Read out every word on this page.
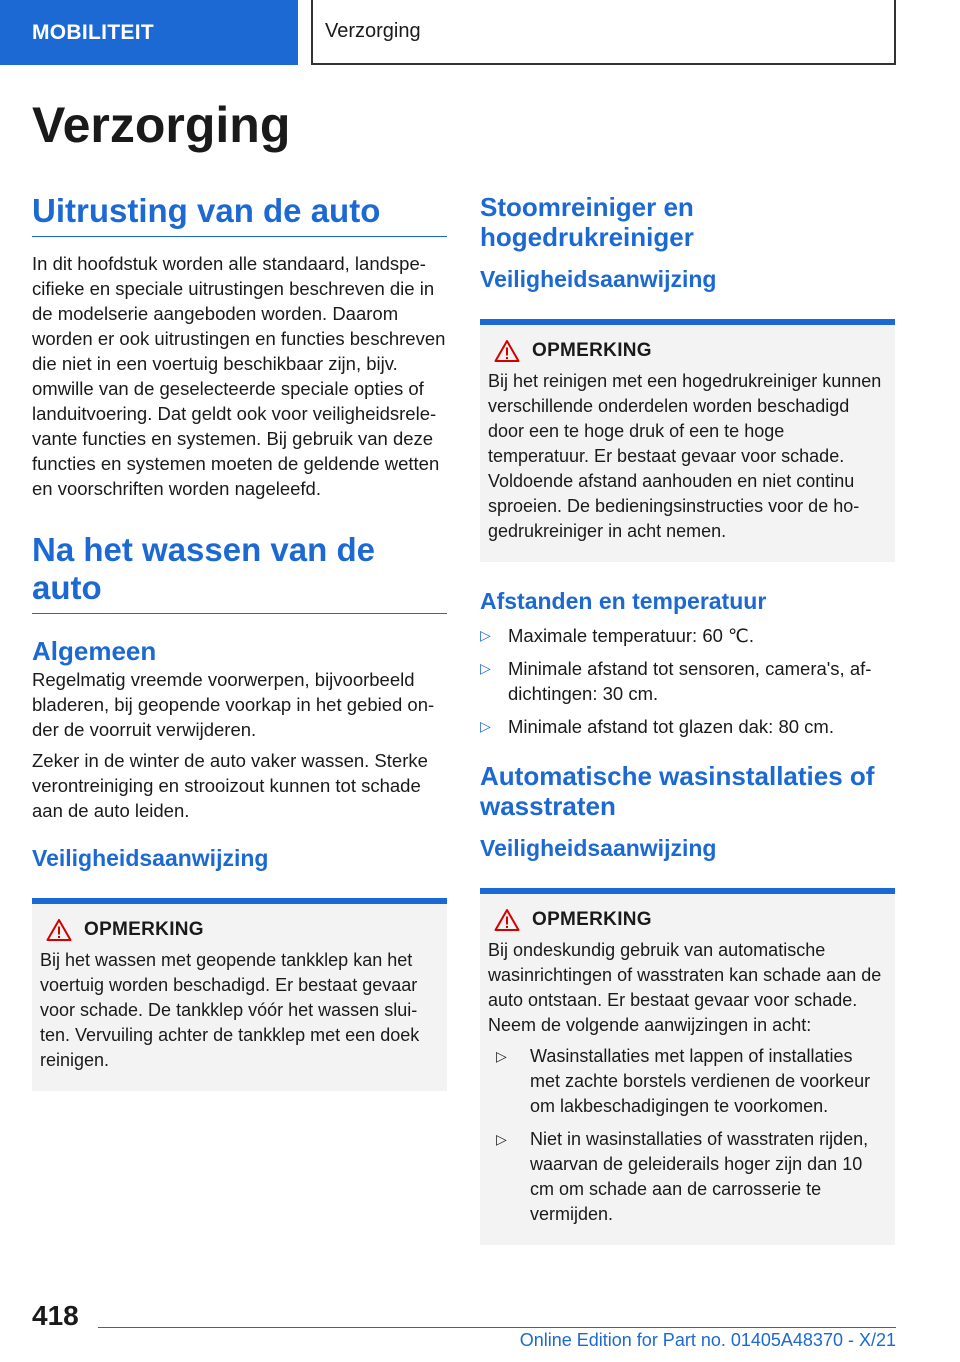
MOBILITEIT	Verzorging
Verzorging
Uitrusting van de auto

In dit hoofdstuk worden alle standaard, landspecifieke en speciale uitrustingen beschreven die in de modelserie aangeboden worden. Daarom worden er ook uitrustingen en functies beschreven die niet in een voertuig beschikbaar zijn, bijv. omwille van de geselecteerde speciale opties of landuitvoering. Dat geldt ook voor veiligheidsrelevante functies en systemen. Bij gebruik van deze functies en systemen moeten de geldende wetten en voorschriften worden nageleefd.

Na het wassen van de auto
Algemeen

Regelmatig vreemde voorwerpen, bijvoorbeeld bladeren, bij geopende voorkap in het gebied onder de voorruit verwijderen.

Zeker in de winter de auto vaker wassen. Sterke verontreiniging en strooizout kunnen tot schade aan de auto leiden.

Veiligheidsaanwijzing
OPMERKING

Bij het wassen met geopende tankklep kan het voertuig worden beschadigd. Er bestaat gevaar voor schade. De tankklep vóór het wassen sluiten. Vervuiling achter de tankklep met een doek reinigen.

Stoomreiniger en hogedrukreiniger
Veiligheidsaanwijzing
OPMERKING

Bij het reinigen met een hogedrukreiniger kunnen verschillende onderdelen worden beschadigd door een te hoge druk of een te hoge temperatuur. Er bestaat gevaar voor schade. Voldoende afstand aanhouden en niet continu sproeien. De bedieningsinstructies voor de hogedrukreiniger in acht nemen.

Afstanden en temperatuur
▷ Maximale temperatuur: 60 ℃.
▷ Minimale afstand tot sensoren, camera's, afdichtingen: 30 cm.
▷ Minimale afstand tot glazen dak: 80 cm.
Automatische wasinstallaties of wasstraten
Veiligheidsaanwijzing
OPMERKING

Bij ondeskundig gebruik van automatische wasinrichtingen of wasstraten kan schade aan de auto ontstaan. Er bestaat gevaar voor schade. Neem de volgende aanwijzingen in acht:

▷	Wasinstallaties met lappen of installaties met zachte borstels verdienen de voorkeur om lakbeschadigingen te voorkomen.
▷	Niet in wasinstallaties of wasstraten rijden, waarvan de geleiderails hoger zijn dan 10 cm om schade aan de carrosserie te vermijden.
418
Online Edition for Part no. 01405A48370 - X/21
